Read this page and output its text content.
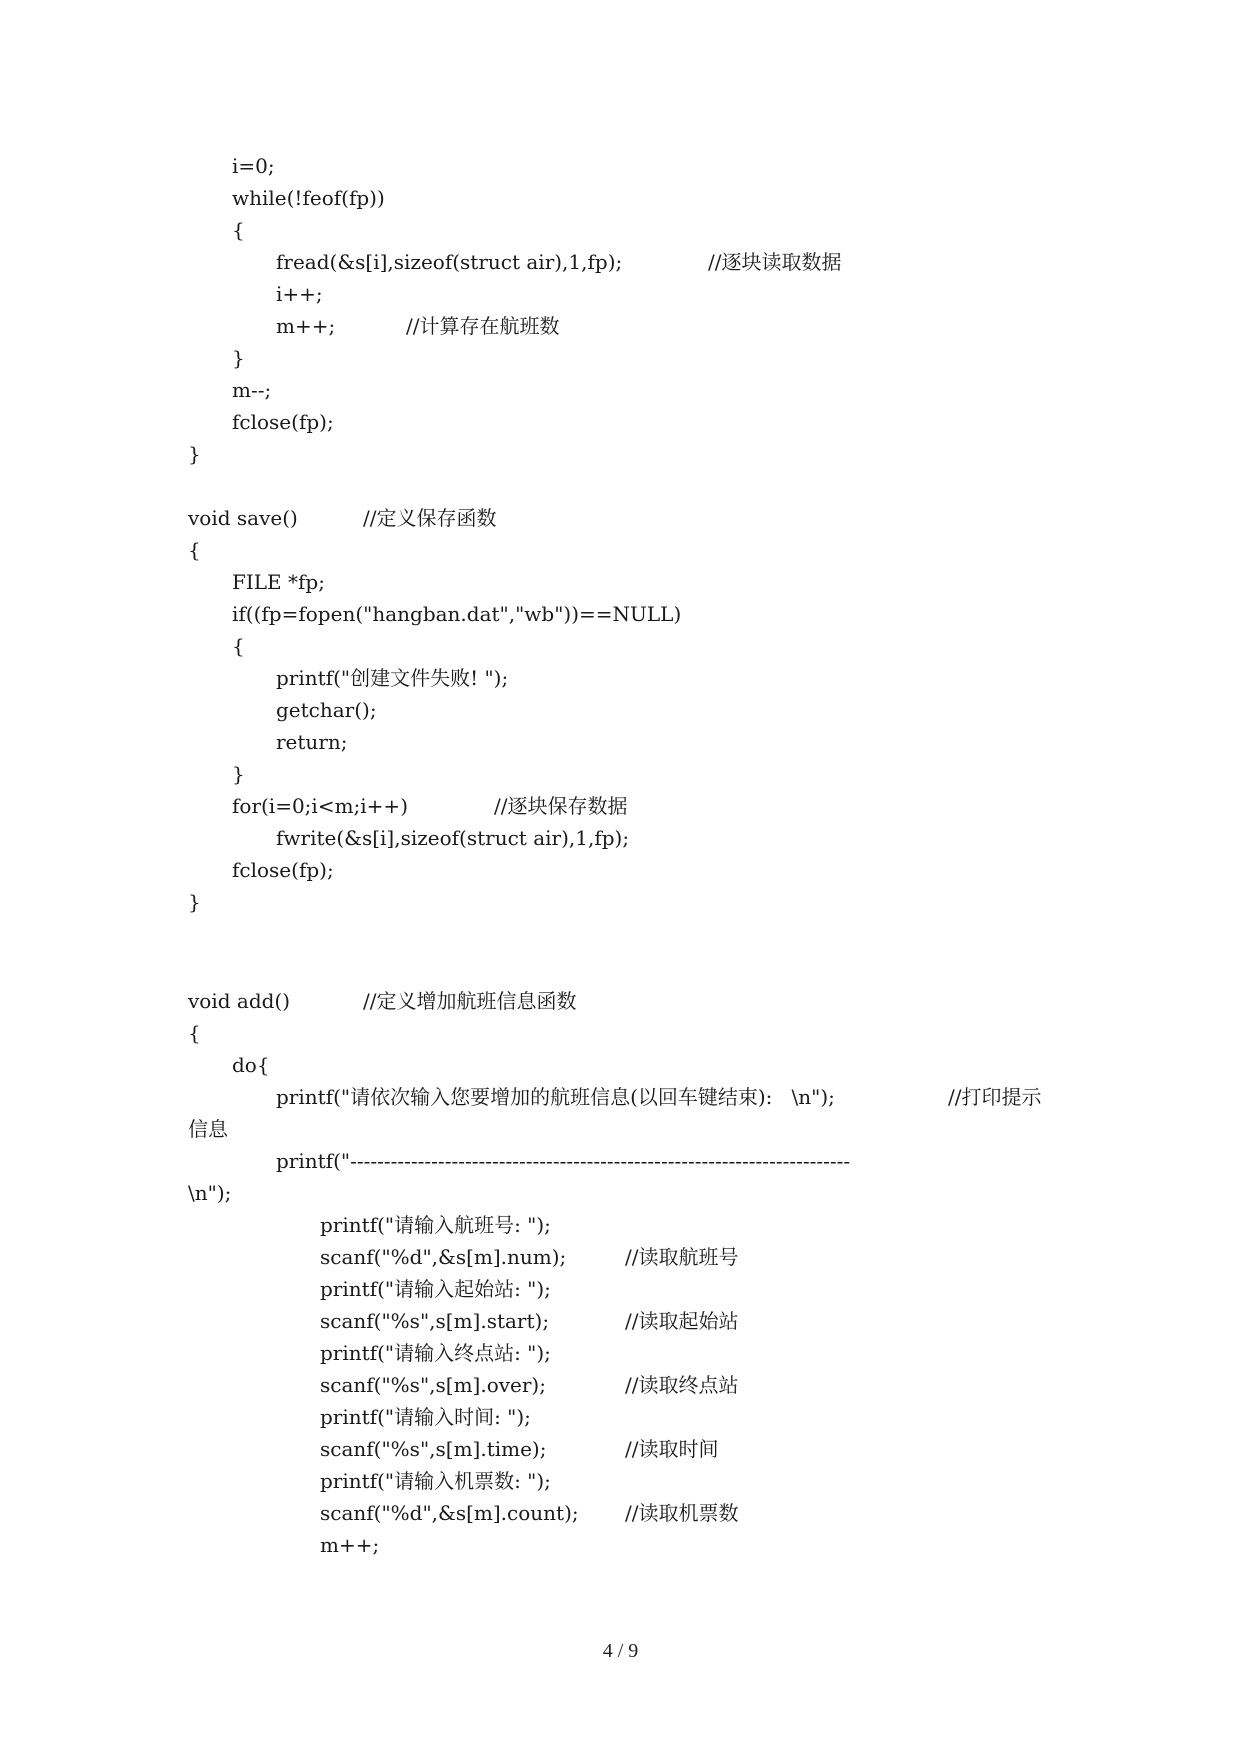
i=0;
while(!feof(fp))
{
fread(&s[i],sizeof(struct air),1,fp);	//逐块读取数据
i++;
m++;	//计算存在航班数
}
m--;
fclose(fp);
}
void save()	//定义保存函数
{
FILE *fp;
if((fp=fopen("hangban.dat","wb"))==NULL)
{
printf("创建文件失败! ");
getchar();
return;
}
for(i=0;i<m;i++)	//逐块保存数据
fwrite(&s[i],sizeof(struct air),1,fp);
fclose(fp);
}
void add()	//定义增加航班信息函数
{
do{
printf("请依次输入您要增加的航班信息(以回车键结束):   \n");	//打印提示
信息
printf("--------------------------------------------------------------------------
\n");
printf("请输入航班号: ");
scanf("%d",&s[m].num);	//读取航班号
printf("请输入起始站: ");
scanf("%s",s[m].start);	//读取起始站
printf("请输入终点站: ");
scanf("%s",s[m].over);	//读取终点站
printf("请输入时间: ");
scanf("%s",s[m].time);	//读取时间
printf("请输入机票数: ");
scanf("%d",&s[m].count); //读取机票数
m++;
4 / 9
